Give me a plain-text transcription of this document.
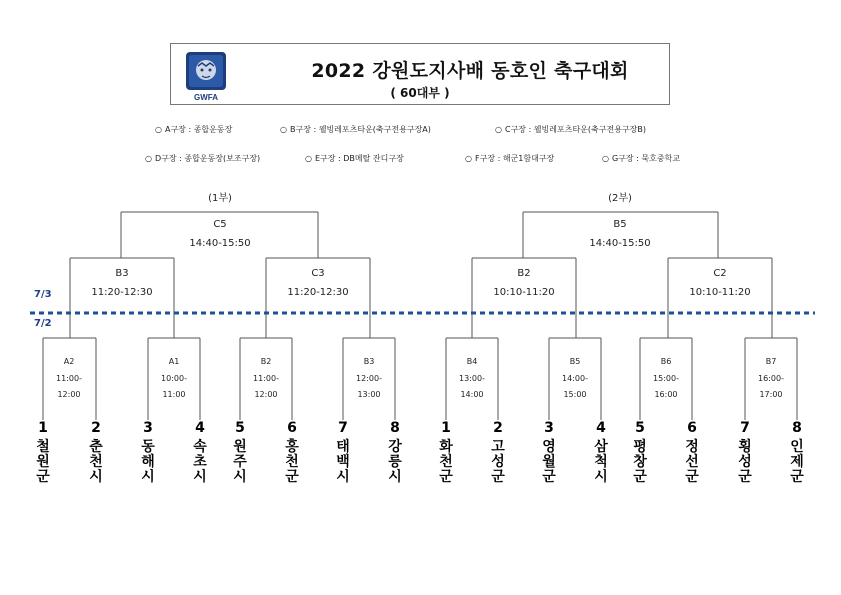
GWFA
2022 강원도지사배 동호인 축구대회
( 60대부 )
○ A구장 : 종합운동장	○ B구장 : 웰빙레포츠타운(축구전용구장A)	○ C구장 : 웰빙레포츠타운(축구전용구장B)
○ D구장 : 종합운동장(보조구장)	○ E구장 : DB메탈 잔디구장	○ F구장 : 해군1함대구장	○ G구장 : 묵호중학교
7/3
7/2
(1부)	(2부)
C5
14:40-15:50
B5
14:40-15:50
B3
11:20-12:30
C3
11:20-12:30
B2
10:10-11:20
C2
10:10-11:20
A2
11:00-
12:00
A1
10:00-
11:00
B2
11:00-
12:00
B3
12:00-
13:00
B4
13:00-
14:00
B5
14:00-
15:00
B6
15:00-
16:00
B7
16:00-
17:00
1
철원군
2
춘천시
3
동해시
4
속초시
5
원주시
6
홍천군
7
태백시
8
강릉시
1
화천군
2
고성군
3
영월군
4
삼척시
5
평창군
6
정선군
7
횡성군
8
인제군
